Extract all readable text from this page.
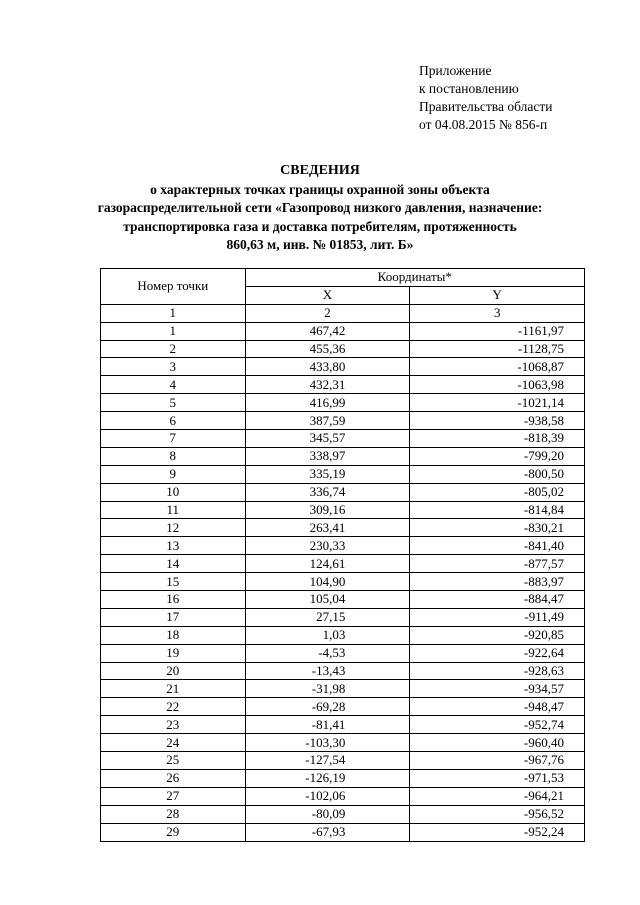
Приложение
к постановлению
Правительства области
от 04.08.2015 № 856-п
СВЕДЕНИЯ
о характерных точках границы охранной зоны объекта
газораспределительной сети «Газопровод низкого давления, назначение:
транспортировка газа и доставка потребителям, протяженность
860,63 м, инв. № 01853, лит. Б»
Номер точки	Координаты*	
	X	Y
1	2	3
1	467,42	-1161,97
2	455,36	-1128,75
3	433,80	-1068,87
4	432,31	-1063,98
5	416,99	-1021,14
6	387,59	-938,58
7	345,57	-818,39
8	338,97	-799,20
9	335,19	-800,50
10	336,74	-805,02
11	309,16	-814,84
12	263,41	-830,21
13	230,33	-841,40
14	124,61	-877,57
15	104,90	-883,97
16	105,04	-884,47
17	27,15	-911,49
18	1,03	-920,85
19	-4,53	-922,64
20	-13,43	-928,63
21	-31,98	-934,57
22	-69,28	-948,47
23	-81,41	-952,74
24	-103,30	-960,40
25	-127,54	-967,76
26	-126,19	-971,53
27	-102,06	-964,21
28	-80,09	-956,52
29	-67,93	-952,24
